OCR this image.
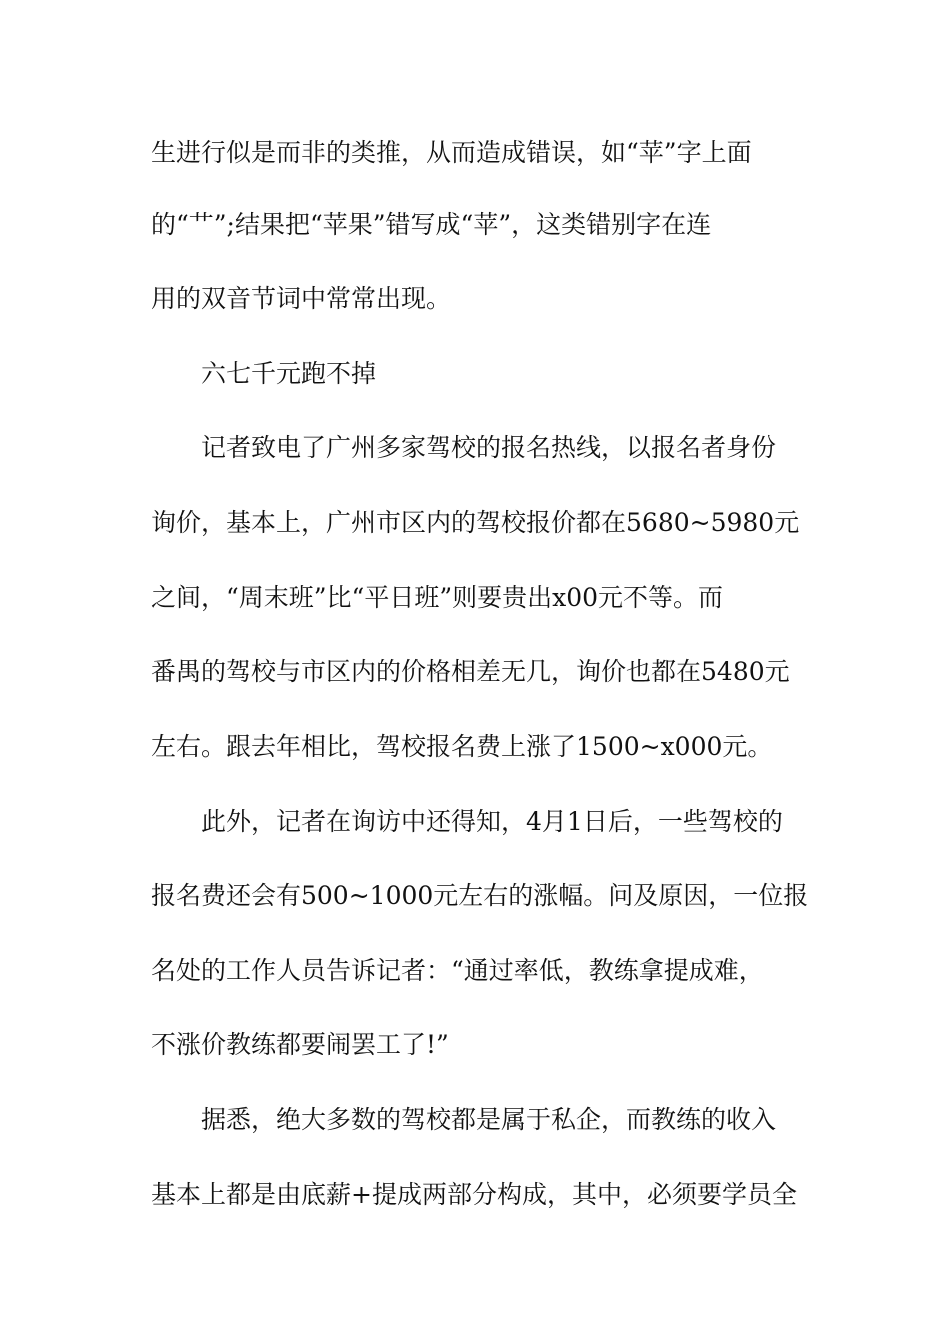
生进行似是而非的类推，从而造成错误，如“苹”字上面
的“艹”;结果把“苹果”错写成“苹”，这类错别字在连
用的双音节词中常常出现。
六七千元跑不掉
记者致电了广州多家驾校的报名热线，以报名者身份
询价，基本上，广州市区内的驾校报价都在5680~5980元
之间，“周末班”比“平日班”则要贵出x00元不等。而
番禺的驾校与市区内的价格相差无几，询价也都在5480元
左右。跟去年相比，驾校报名费上涨了1500~x000元。
此外，记者在询访中还得知，4月1日后，一些驾校的
报名费还会有500~1000元左右的涨幅。问及原因，一位报
名处的工作人员告诉记者：“通过率低，教练拿提成难，
不涨价教练都要闹罢工了!”
据悉，绝大多数的驾校都是属于私企，而教练的收入
基本上都是由底薪+提成两部分构成，其中，必须要学员全
